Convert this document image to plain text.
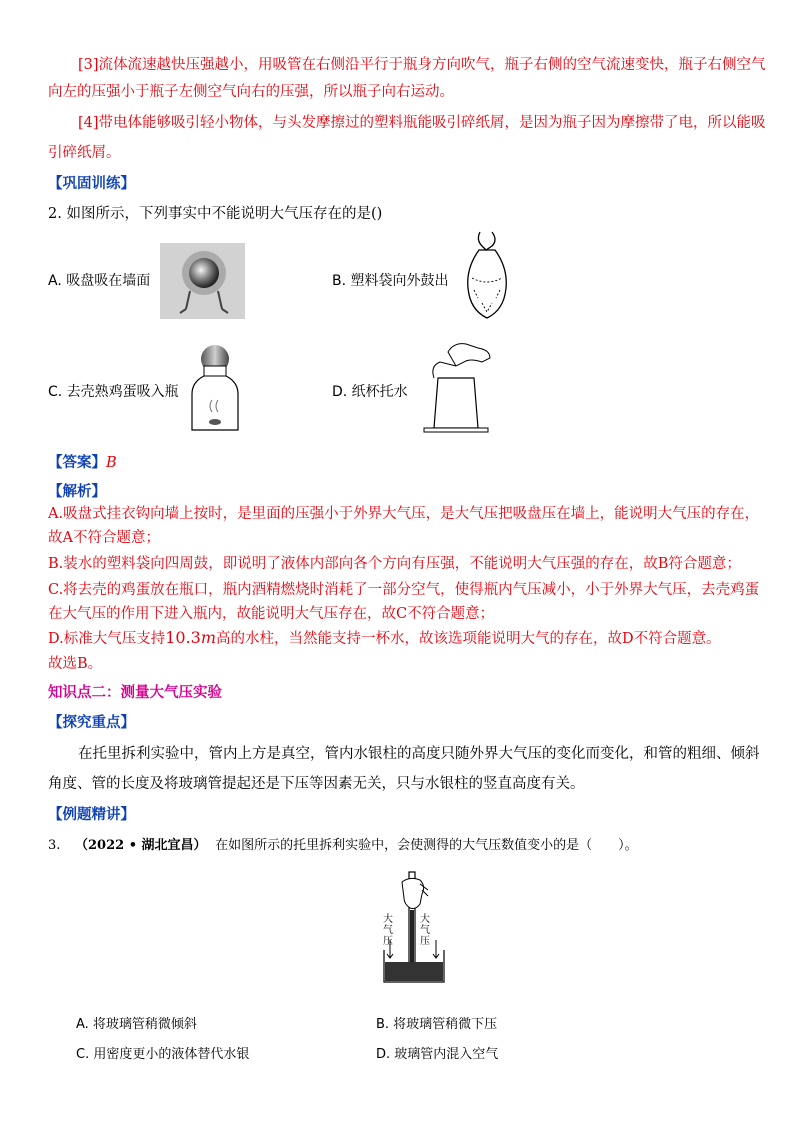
[3]流体流速越快压强越小，用吸管在右侧沿平行于瓶身方向吹气，瓶子右侧的空气流速变快，瓶子右侧空气
向左的压强小于瓶子左侧空气向右的压强，所以瓶子向右运动。
[4]带电体能够吸引轻小物体，与头发摩擦过的塑料瓶能吸引碎纸屑，是因为瓶子因为摩擦带了电，所以能吸
引碎纸屑。
【巩固训练】
2. 如图所示，下列事实中不能说明大气压存在的是()
A. 吸盘吸在墙面	B. 塑料袋向外鼓出
C. 去壳熟鸡蛋吸入瓶	D. 纸杯托水
【答案】B
【解析】
A.吸盘式挂衣钩向墙上按时，是里面的压强小于外界大气压，是大气压把吸盘压在墙上，能说明大气压的存在，
故A不符合题意；
B.装水的塑料袋向四周鼓，即说明了液体内部向各个方向有压强，不能说明大气压强的存在，故B符合题意；
C.将去壳的鸡蛋放在瓶口，瓶内酒精燃烧时消耗了一部分空气，使得瓶内气压减小，小于外界大气压，去壳鸡蛋
在大气压的作用下进入瓶内，故能说明大气压存在，故C不符合题意；
D.标准大气压支持10.3m高的水柱，当然能支持一杯水，故该选项能说明大气的存在，故D不符合题意。
故选B。
知识点二：测量大气压实验
【探究重点】
在托里拆利实验中，管内上方是真空，管内水银柱的高度只随外界大气压的变化而变化，和管的粗细、倾斜
角度、管的长度及将玻璃管提起还是下压等因素无关，只与水银柱的竖直高度有关。
【例题精讲】
3. （2022 • 湖北宜昌） 在如图所示的托里拆利实验中，会使测得的大气压数值变小的是（　　）。
大气压
大气压
A. 将玻璃管稍微倾斜	B. 将玻璃管稍微下压
C. 用密度更小的液体替代水银	D. 玻璃管内混入空气
